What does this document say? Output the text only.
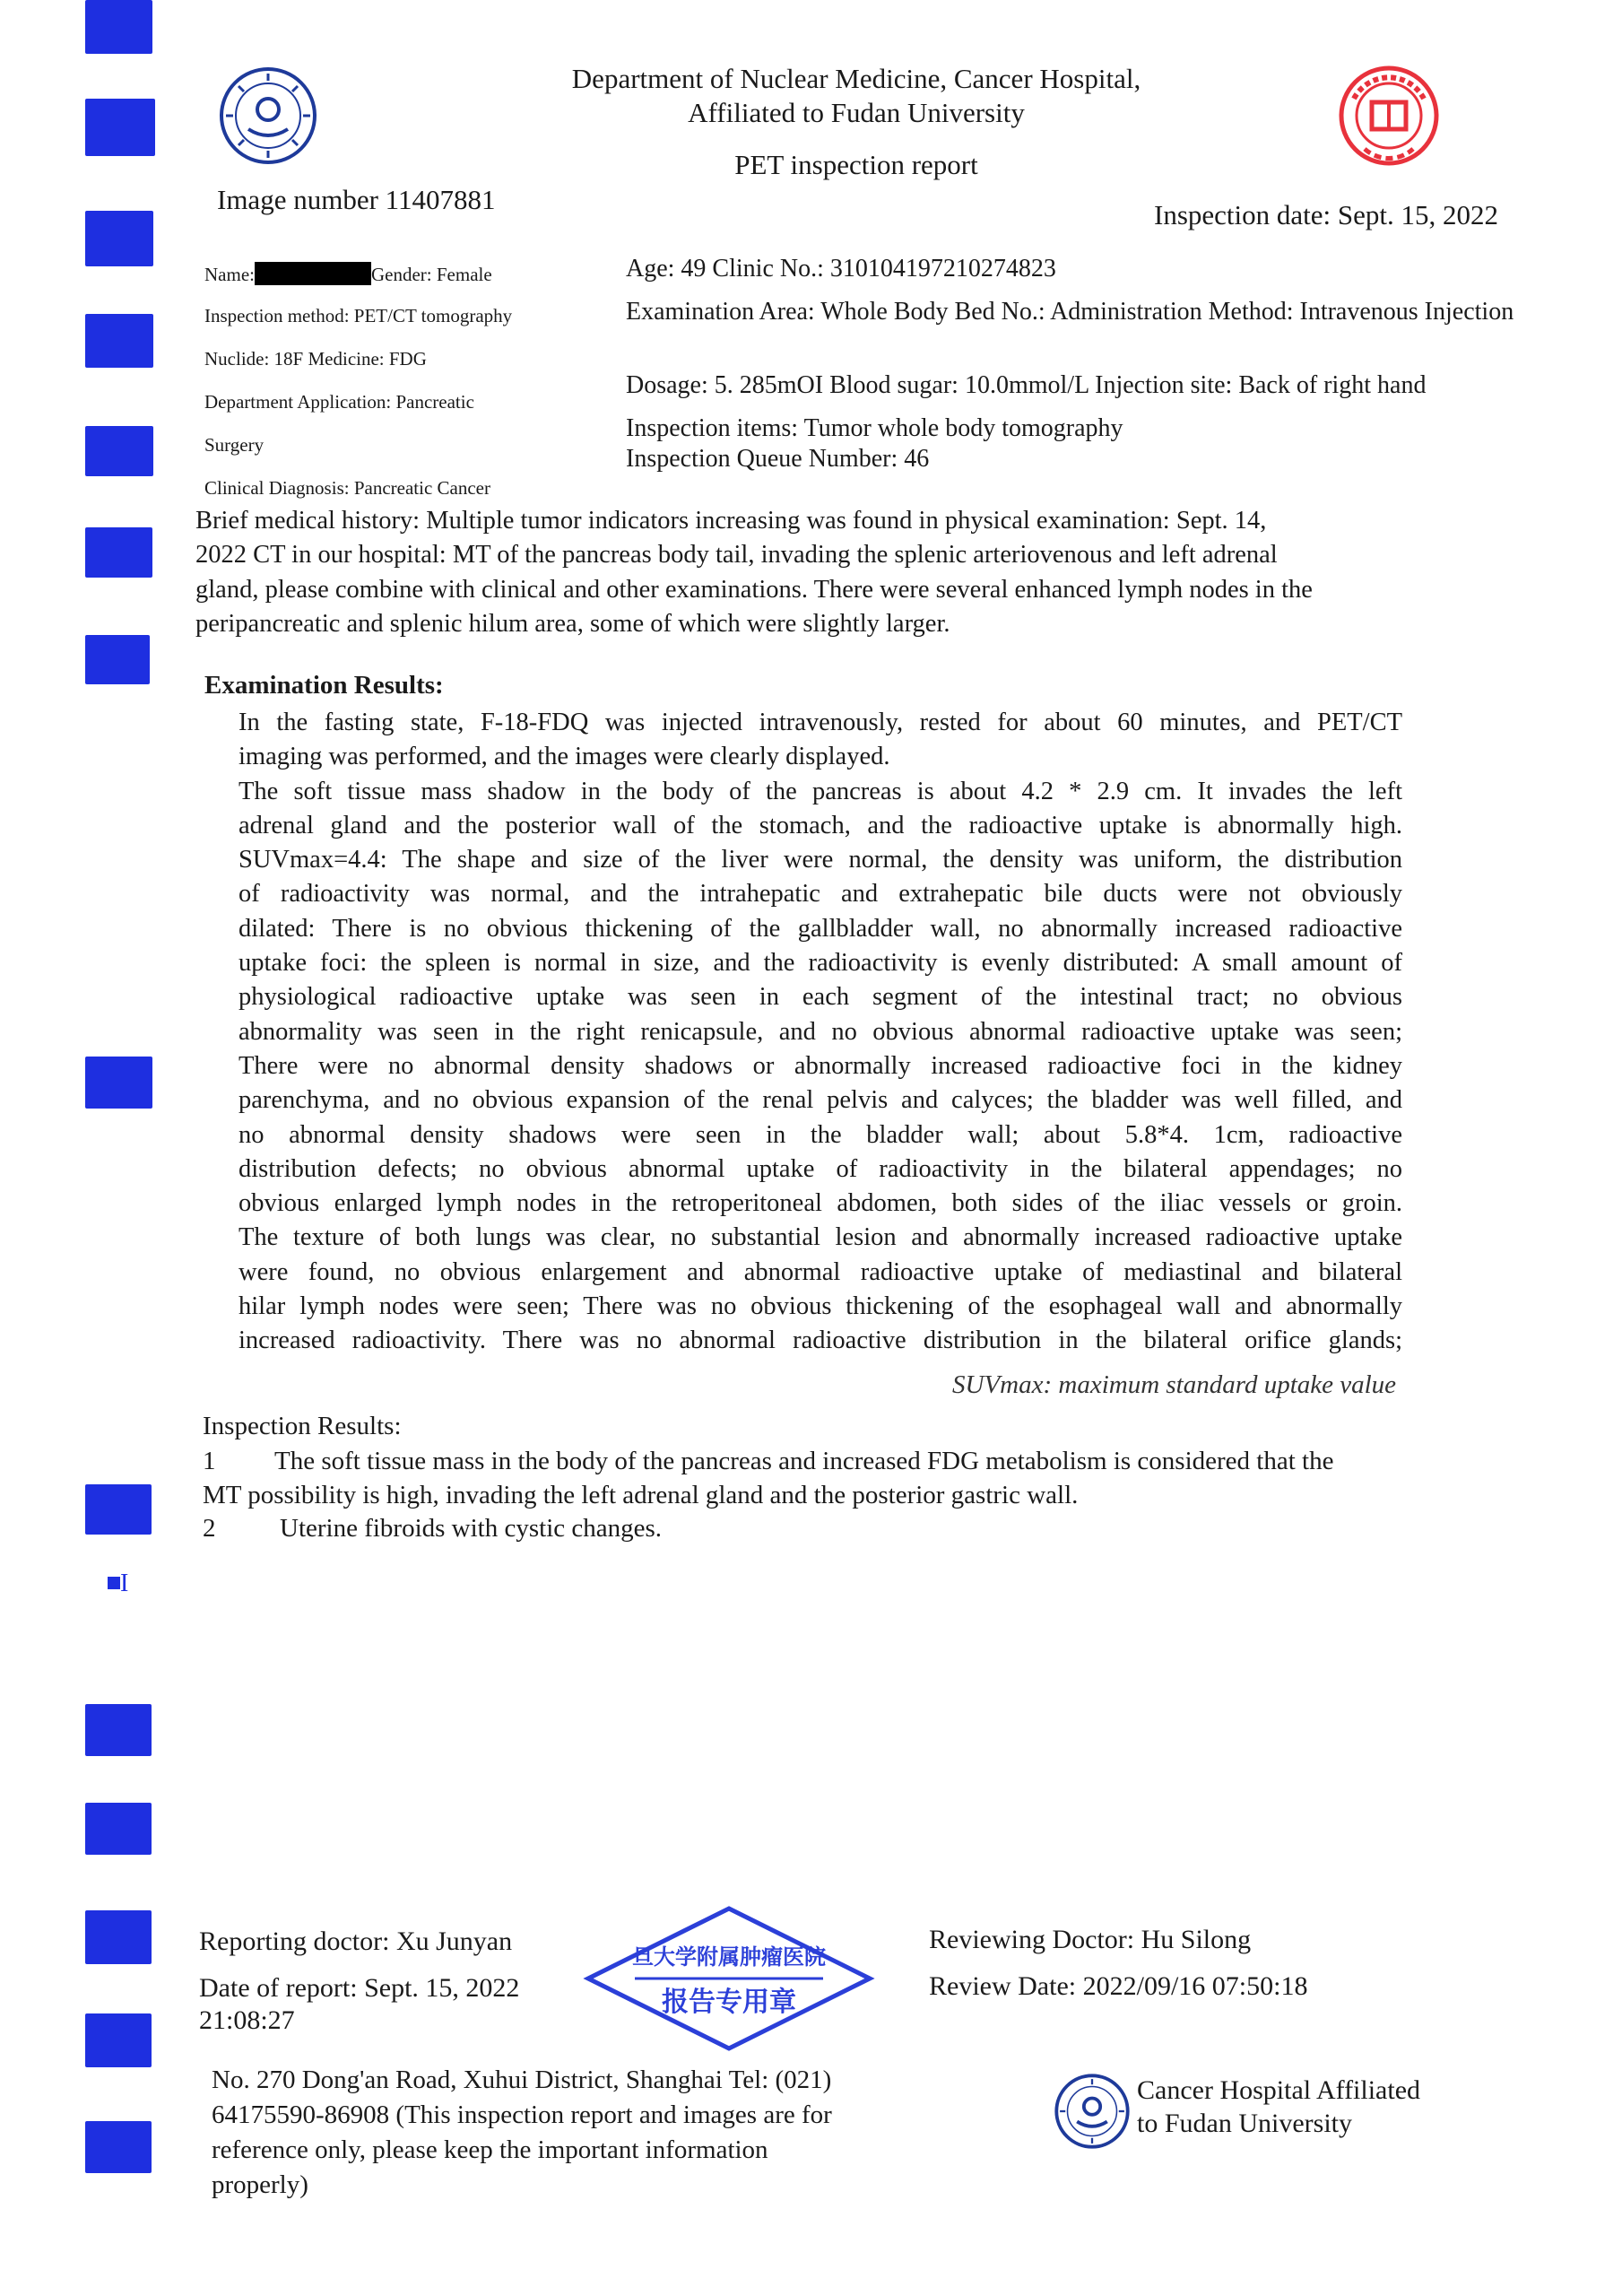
Department of Nuclear Medicine, Cancer Hospital,
Affiliated to Fudan University
PET inspection report
Image number 11407881	Inspection date: Sept. 15, 2022
Name:	Gender: Female
Inspection method: PET/CT tomography
Nuclide: 18F Medicine: FDG
Department Application: Pancreatic
Surgery
Clinical Diagnosis: Pancreatic Cancer
Age: 49 Clinic No.: 310104197210274823
Examination Area: Whole Body Bed No.: Administration Method: Intravenous Injection
Dosage: 5. 285mOI Blood sugar: 10.0mmol/L Injection site: Back of right hand
Inspection items: Tumor whole body tomography
Inspection Queue Number: 46
Brief medical history: Multiple tumor indicators increasing was found in physical examination: Sept. 14,
2022 CT in our hospital: MT of the pancreas body tail, invading the splenic arteriovenous and left adrenal
gland, please combine with clinical and other examinations. There were several enhanced lymph nodes in the
peripancreatic and splenic hilum area, some of which were slightly larger.
Examination Results:
In the fasting state, F-18-FDQ was injected intravenously, rested for about 60 minutes, and PET/CT
imaging was performed, and the images were clearly displayed.
The soft tissue mass shadow in the body of the pancreas is about 4.2 * 2.9 cm. It invades the left
adrenal gland and the posterior wall of the stomach, and the radioactive uptake is abnormally high.
SUVmax=4.4: The shape and size of the liver were normal, the density was uniform, the distribution
of radioactivity was normal, and the intrahepatic and extrahepatic bile ducts were not obviously
dilated: There is no obvious thickening of the gallbladder wall, no abnormally increased radioactive
uptake foci: the spleen is normal in size, and the radioactivity is evenly distributed: A small amount of
physiological radioactive uptake was seen in each segment of the intestinal tract; no obvious
abnormality was seen in the right renicapsule, and no obvious abnormal radioactive uptake was seen;
There were no abnormal density shadows or abnormally increased radioactive foci in the kidney
parenchyma, and no obvious expansion of the renal pelvis and calyces; the bladder was well filled, and
no abnormal density shadows were seen in the bladder wall; about 5.8*4. 1cm, radioactive
distribution defects; no obvious abnormal uptake of radioactivity in the bilateral appendages; no
obvious enlarged lymph nodes in the retroperitoneal abdomen, both sides of the iliac vessels or groin.
The texture of both lungs was clear, no substantial lesion and abnormally increased radioactive uptake
were found, no obvious enlargement and abnormal radioactive uptake of mediastinal and bilateral
hilar lymph nodes were seen; There was no obvious thickening of the esophageal wall and abnormally
increased radioactivity. There was no abnormal radioactive distribution in the bilateral orifice glands;
SUVmax: maximum standard uptake value
Inspection Results:
1 The soft tissue mass in the body of the pancreas and increased FDG metabolism is considered that the
MT possibility is high, invading the left adrenal gland and the posterior gastric wall.
2 Uterine fibroids with cystic changes.
I
Reporting doctor: Xu Junyan
Date of report: Sept. 15, 2022
21:08:27
旦大学附属肿瘤医院
报告专用章
Reviewing Doctor: Hu Silong
Review Date: 2022/09/16 07:50:18
No. 270 Dong'an Road, Xuhui District, Shanghai Tel: (021)
64175590-86908 (This inspection report and images are for
reference only, please keep the important information
properly)
Cancer Hospital Affiliated
to Fudan University
